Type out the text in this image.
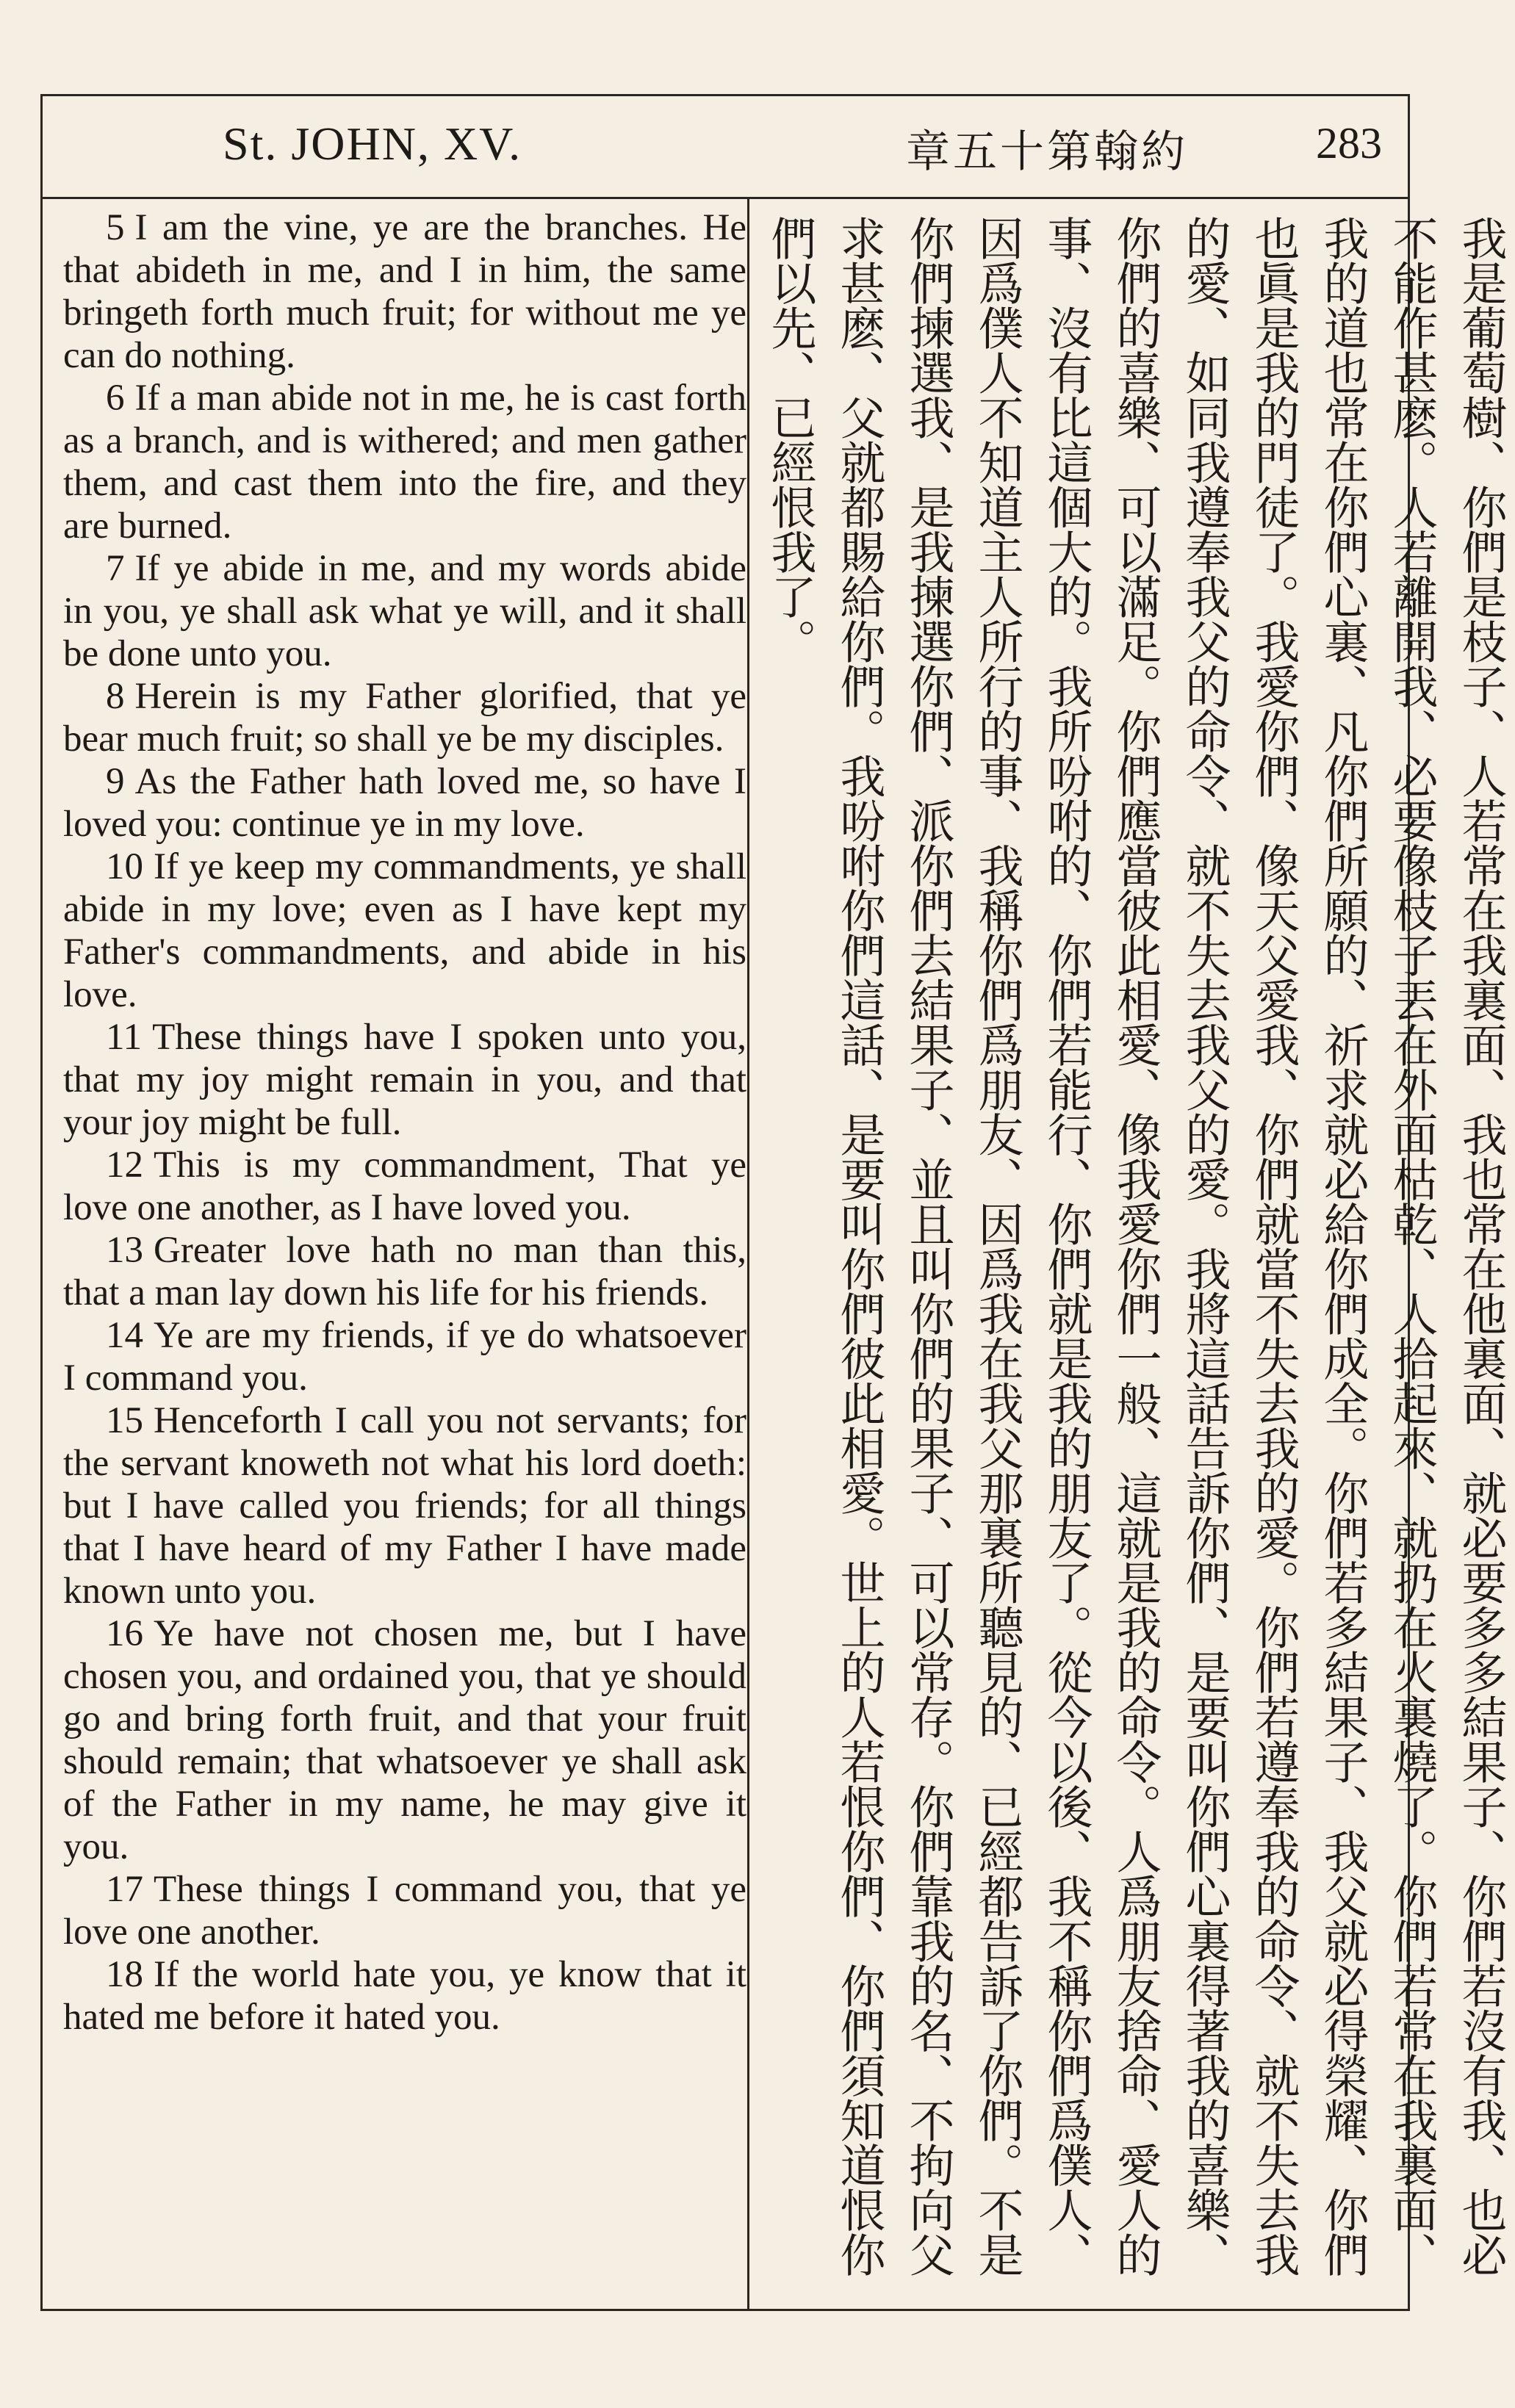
St. JOHN, XV.	章五十第翰約	283

5 I am the vine, ye are the branches. He that abideth in me, and I in him, the same bringeth forth much fruit; for without me ye can do nothing.

6 If a man abide not in me, he is cast forth as a branch, and is withered; and men gather them, and cast them into the fire, and they are burned.

7 If ye abide in me, and my words abide in you, ye shall ask what ye will, and it shall be done unto you.

8 Herein is my Father glorified, that ye bear much fruit; so shall ye be my disciples.

9 As the Father hath loved me, so have I loved you: continue ye in my love.

10 If ye keep my commandments, ye shall abide in my love; even as I have kept my Father's commandments, and abide in his love.

11 These things have I spoken unto you, that my joy might remain in you, and that your joy might be full.

12 This is my commandment, That ye love one another, as I have loved you.

13 Greater love hath no man than this, that a man lay down his life for his friends.

14 Ye are my friends, if ye do whatsoever I command you.

15 Henceforth I call you not servants; for the servant knoweth not what his lord doeth: but I have called you friends; for all things that I have heard of my Father I have made known unto you.

16 Ye have not chosen me, but I have chosen you, and ordained you, that ye should go and bring forth fruit, and that your fruit should remain; that whatsoever ye shall ask of the Father in my name, he may give it you.

17 These things I command you, that ye love one another.

18 If the world hate you, ye know that it hated me before it hated you.	我是葡萄樹、你們是枝子、人若常在我裏面、我也常在他裏面、就必要多多結果子、你們若沒有我、也必不能作甚麽。人若離開我、必要像枝子丟在外面枯乾、人拾起來、就扔在火裏燒了。你們若常在我裏面、我的道也常在你們心裏、凡你們所願的、祈求就必給你們成全。你們若多結果子、我父就必得榮耀、你們也眞是我的門徒了。我愛你們、像天父愛我、你們就當不失去我的愛。你們若遵奉我的命令、就不失去我的愛、如同我遵奉我父的命令、就不失去我父的愛。我將這話告訴你們、是要叫你們心裏得著我的喜樂、你們的喜樂、可以滿足。你們應當彼此相愛、像我愛你們一般、這就是我的命令。人爲朋友捨命、愛人的事、沒有比這個大的。我所吩咐的、你們若能行、你們就是我的朋友了。從今以後、我不稱你們爲僕人、因爲僕人不知道主人所行的事、我稱你們爲朋友、因爲我在我父那裏所聽見的、已經都告訴了你們。不是你們揀選我、是我揀選你們、派你們去結果子、並且叫你們的果子、可以常存。你們靠我的名、不拘向父求甚麽、父就都賜給你們。我吩咐你們這話、是要叫你們彼此相愛。世上的人若恨你們、你們須知道恨你們以先、已經恨我了。
